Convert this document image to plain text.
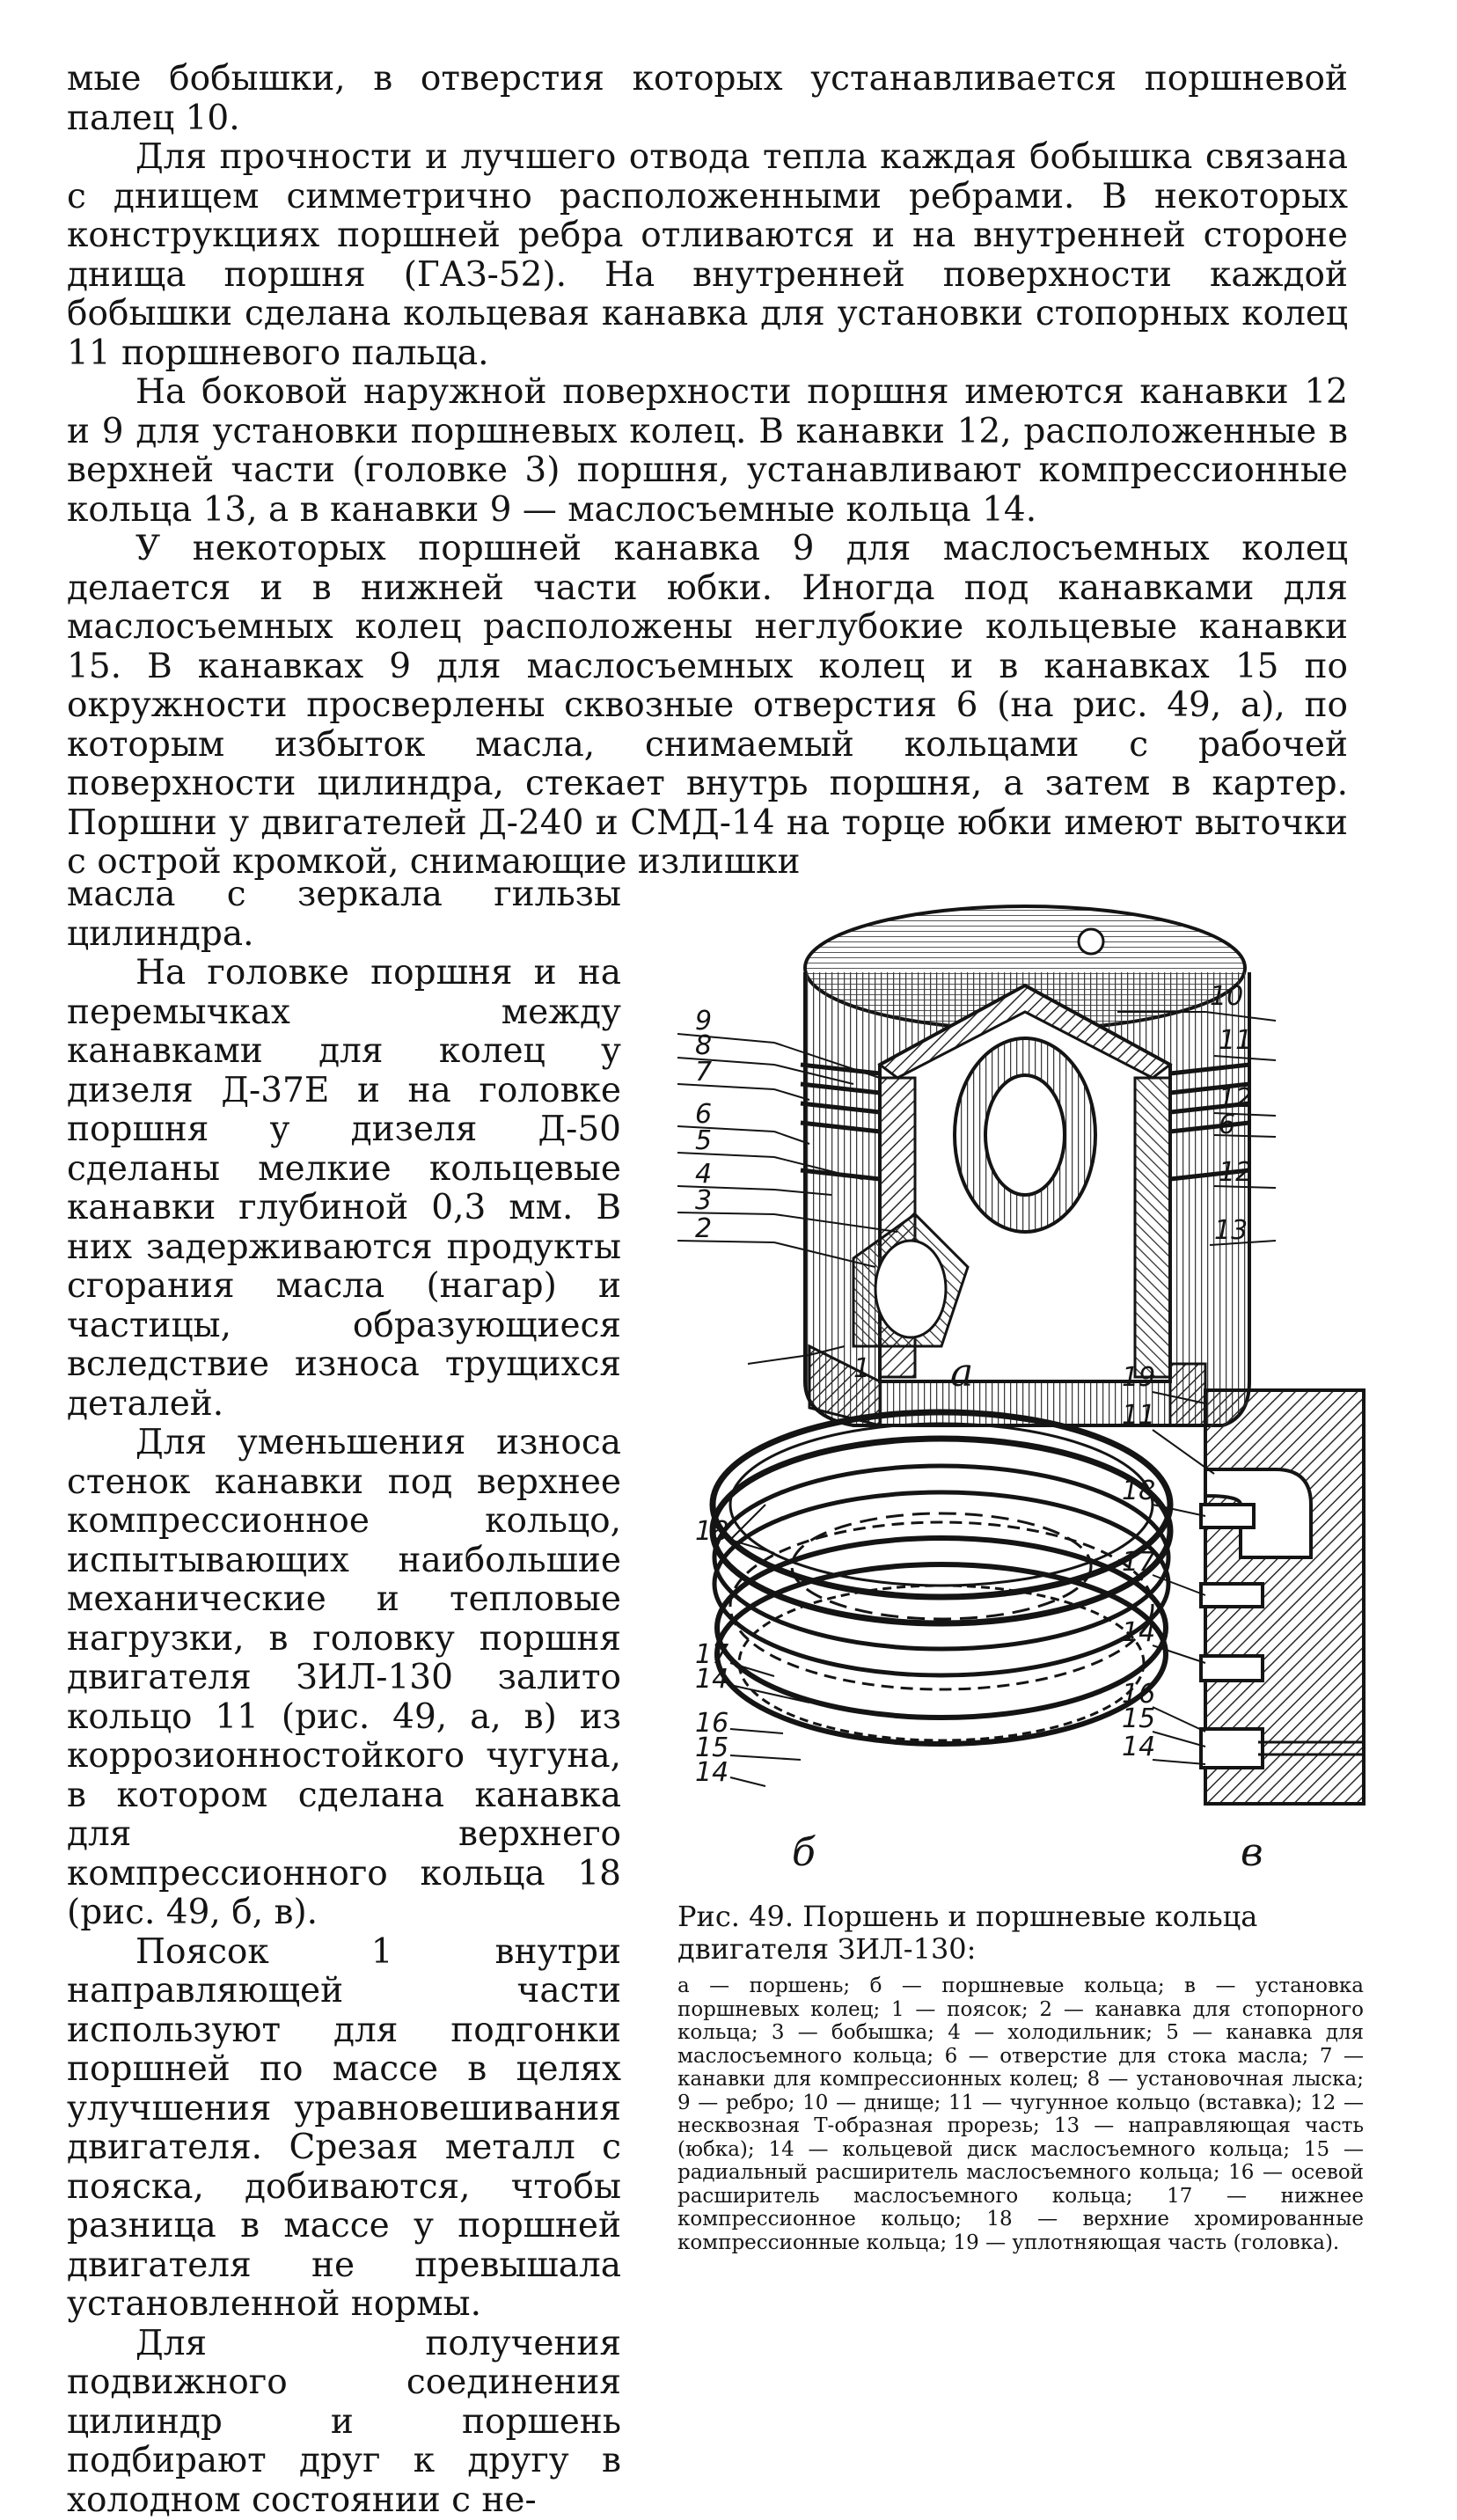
мые бобышки, в отверстия которых устанавливается поршневой палец 10.

Для прочности и лучшего отвода тепла каждая бобышка связана с днищем симметрично расположенными ребрами. В некоторых конструкциях поршней ребра отливаются и на внутренней стороне днища поршня (ГАЗ-52). На внутренней поверхности каждой бобышки сделана кольцевая канавка для установки стопорных колец 11 поршневого пальца.

На боковой наружной поверхности поршня имеются канавки 12 и 9 для установки поршневых колец. В канавки 12, расположенные в верхней части (головке 3) поршня, устанавливают компрессионные кольца 13, а в канавки 9 — маслосъемные кольца 14.

У некоторых поршней канавка 9 для маслосъемных колец делается и в нижней части юбки. Иногда под канавками для маслосъемных колец расположены неглубокие кольцевые канавки 15. В канавках 9 для маслосъемных колец и в канавках 15 по окружности просверлены сквозные отверстия 6 (на рис. 49, а), по которым избыток масла, снимаемый кольцами с рабочей поверхности цилиндра, стекает внутрь поршня, а затем в картер. Поршни у двигателей Д-240 и СМД-14 на торце юбки имеют выточки с острой кромкой, снимающие излишки

масла с зеркала гильзы цилиндра.

На головке поршня и на перемычках между канавками для колец у дизеля Д-37Е и на головке поршня у дизеля Д-50 сделаны мелкие кольцевые канавки глубиной 0,3 мм. В них задерживаются продукты сгорания масла (нагар) и частицы, образующиеся вследствие износа трущихся деталей.

Для уменьшения износа стенок канавки под верхнее компрессионное кольцо, испытывающих наибольшие механические и тепловые нагрузки, в головку поршня двигателя ЗИЛ-130 залито кольцо 11 (рис. 49, а, в) из коррозионностойкого чугуна, в котором сделана канавка для верхнего компрессионного кольца 18 (рис. 49, б, в).

Поясок 1 внутри направляющей части используют для подгонки поршней по массе в целях улучшения уравновешивания двигателя. Срезая металл с пояска, добиваются, чтобы разница в массе у поршней двигателя не превышала установленной нормы.

Для получения подвижного соединения цилиндр и поршень подбирают друг к другу в холодном состоянии с не-

9
8
7
6
5
4
3
2
1
10
11
12
6
12
13
а
18
17
14
16
15
14
б
19
11
18
17
14
16
15
14
в

Рис. 49. Поршень и поршневые кольца двигателя ЗИЛ-130:

а — поршень; б — поршневые кольца; в — установка поршневых колец; 1 — поясок; 2 — канавка для стопорного кольца; 3 — бобышка; 4 — холодильник; 5 — канавка для маслосъемного кольца; 6 — отверстие для стока масла; 7 — канавки для компрессионных колец; 8 — установочная лыска; 9 — ребро; 10 — днище; 11 — чугунное кольцо (вставка); 12 — несквозная Т-образная прорезь; 13 — направляющая часть (юбка); 14 — кольцевой диск маслосъемного кольца; 15 — радиальный расширитель маслосъемного кольца; 16 — осевой расширитель маслосъемного кольца; 17 — нижнее компрессионное кольцо; 18 — верхние хромированные компрессионные кольца; 19 — уплотняющая часть (головка).
